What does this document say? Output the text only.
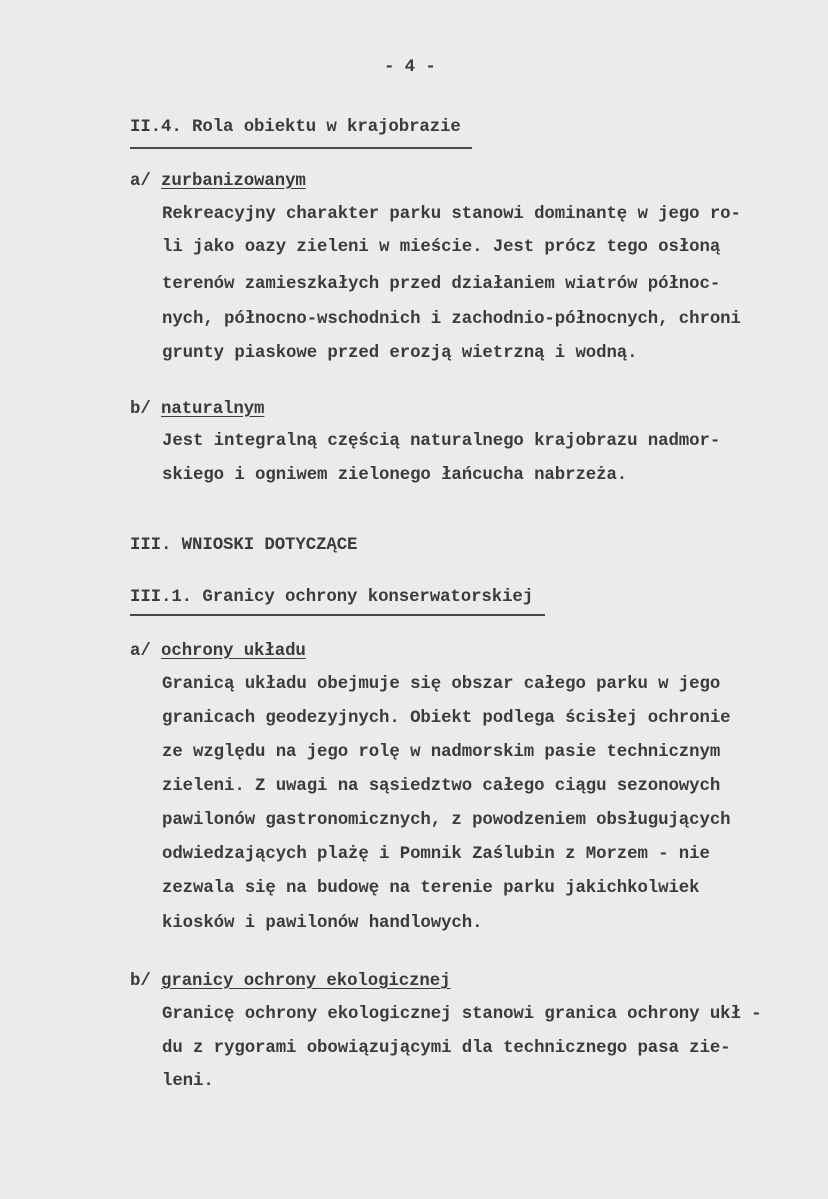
- 4 -
II.4. Rola obiektu w krajobrazie
a/ zurbanizowanym
Rekreacyjny charakter parku stanowi dominantę w jego ro-
li jako oazy zieleni w mieście. Jest prócz tego osłoną
terenów zamieszkałych przed działaniem wiatrów północ-
nych, północno-wschodnich i zachodnio-północnych, chroni
grunty piaskowe przed erozją wietrzną i wodną.
b/ naturalnym
Jest integralną częścią naturalnego krajobrazu nadmor-
skiego i ogniwem zielonego łańcucha nabrzeża.
III. WNIOSKI DOTYCZĄCE
III.1. Granicy ochrony konserwatorskiej
a/ ochrony układu
Granicą układu obejmuje się obszar całego parku w jego
granicach geodezyjnych. Obiekt podlega ścisłej ochronie
ze względu na jego rolę w nadmorskim pasie technicznym
zieleni. Z uwagi na sąsiedztwo całego ciągu sezonowych
pawilonów gastronomicznych, z powodzeniem obsługujących
odwiedzających plażę i Pomnik Zaślubin z Morzem - nie
zezwala się na budowę na terenie parku jakichkolwiek
kiosków i pawilonów handlowych.
b/ granicy ochrony ekologicznej
Granicę ochrony ekologicznej stanowi granica ochrony ukł -
du z rygorami obowiązującymi dla technicznego pasa zie-
leni.
